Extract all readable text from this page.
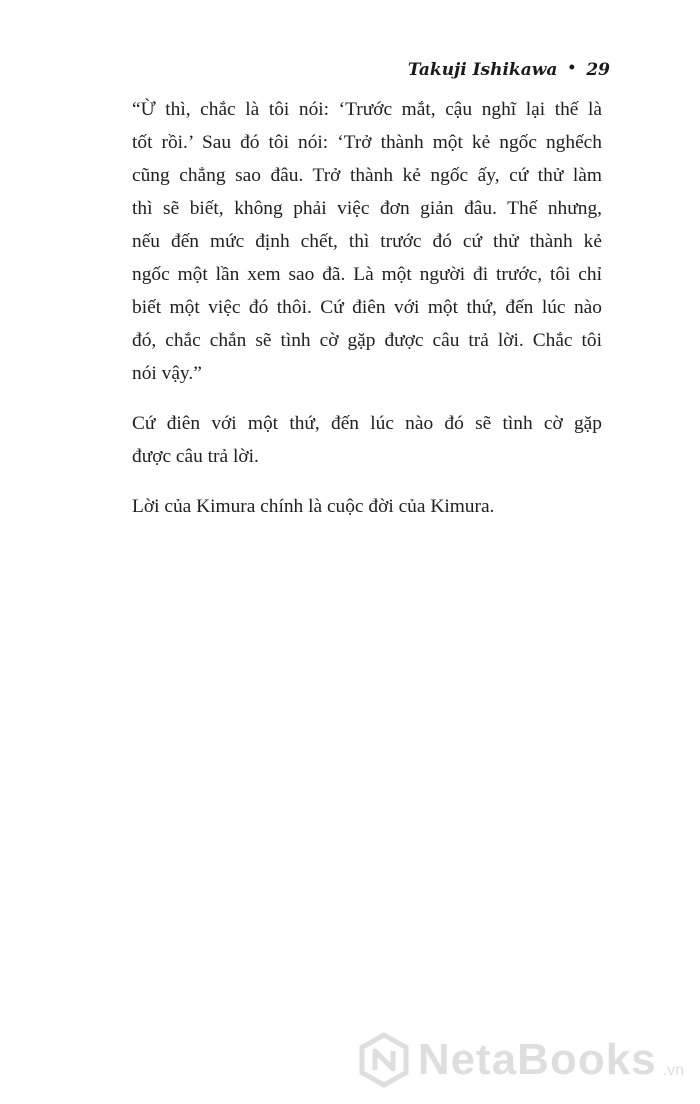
Takuji Ishikawa • 29

“Ừ thì, chắc là tôi nói: ‘Trước mắt, cậu nghĩ lại thế là
tốt rồi.’ Sau đó tôi nói: ‘Trở thành một kẻ ngốc nghếch
cũng chẳng sao đâu. Trở thành kẻ ngốc ấy, cứ thử làm
thì sẽ biết, không phải việc đơn giản đâu. Thế nhưng,
nếu đến mức định chết, thì trước đó cứ thử thành kẻ
ngốc một lần xem sao đã. Là một người đi trước, tôi chỉ
biết một việc đó thôi. Cứ điên với một thứ, đến lúc nào
đó, chắc chắn sẽ tình cờ gặp được câu trả lời. Chắc tôi
nói vậy.”

Cứ điên với một thứ, đến lúc nào đó sẽ tình cờ gặp
được câu trả lời.

Lời của Kimura chính là cuộc đời của Kimura.

NetaBooks .vn
